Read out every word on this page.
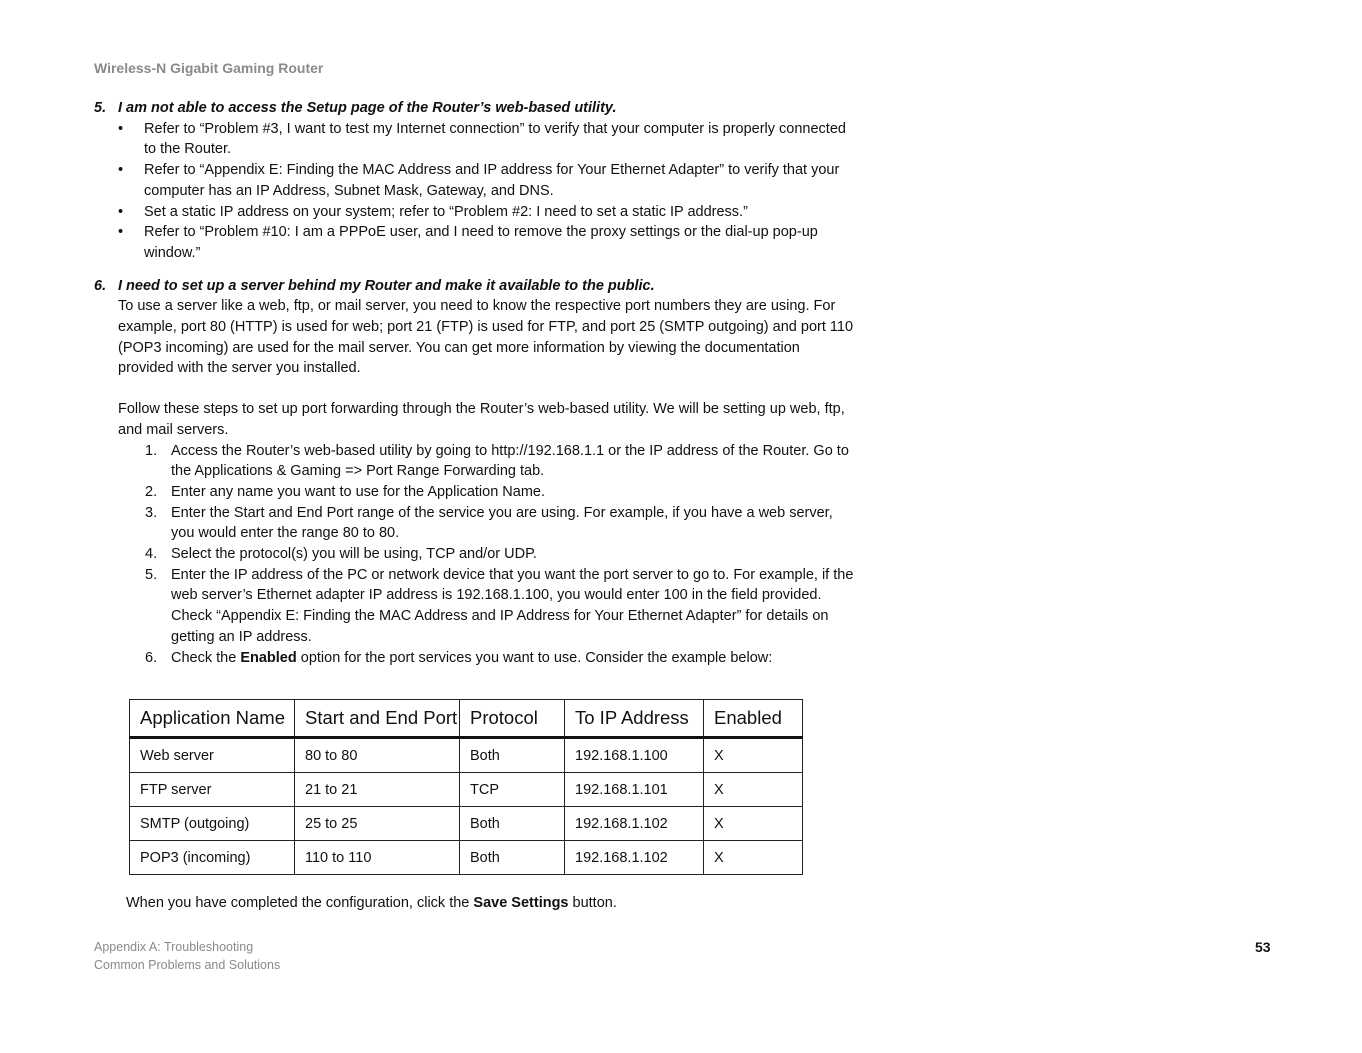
Wireless-N Gigabit Gaming Router

5. I am not able to access the Setup page of the Router’s web-based utility.

• Refer to “Problem #3, I want to test my Internet connection” to verify that your computer is properly connected to the Router.
• Refer to “Appendix E: Finding the MAC Address and IP address for Your Ethernet Adapter” to verify that your computer has an IP Address, Subnet Mask, Gateway, and DNS.
• Set a static IP address on your system; refer to “Problem #2: I need to set a static IP address.”
• Refer to “Problem #10: I am a PPPoE user, and I need to remove the proxy settings or the dial-up pop-up window.”

6. I need to set up a server behind my Router and make it available to the public.

To use a server like a web, ftp, or mail server, you need to know the respective port numbers they are using. For example, port 80 (HTTP) is used for web; port 21 (FTP) is used for FTP, and port 25 (SMTP outgoing) and port 110 (POP3 incoming) are used for the mail server. You can get more information by viewing the documentation provided with the server you installed.

Follow these steps to set up port forwarding through the Router’s web-based utility. We will be setting up web, ftp, and mail servers.

1. Access the Router’s web-based utility by going to http://192.168.1.1 or the IP address of the Router. Go to the Applications & Gaming => Port Range Forwarding tab.
2. Enter any name you want to use for the Application Name.
3. Enter the Start and End Port range of the service you are using. For example, if you have a web server, you would enter the range 80 to 80.
4. Select the protocol(s) you will be using, TCP and/or UDP.
5. Enter the IP address of the PC or network device that you want the port server to go to. For example, if the web server’s Ethernet adapter IP address is 192.168.1.100, you would enter 100 in the field provided. Check “Appendix E: Finding the MAC Address and IP Address for Your Ethernet Adapter” for details on getting an IP address.
6. Check the Enabled option for the port services you want to use. Consider the example below:
Application Name	Start and End Port	Protocol	To IP Address	Enabled
Web server	80 to 80	Both	192.168.1.100	X
FTP server	21 to 21	TCP	192.168.1.101	X
SMTP (outgoing)	25 to 25	Both	192.168.1.102	X
POP3 (incoming)	110 to 110	Both	192.168.1.102	X

When you have completed the configuration, click the Save Settings button.

Appendix A: Troubleshooting
Common Problems and Solutions
53
